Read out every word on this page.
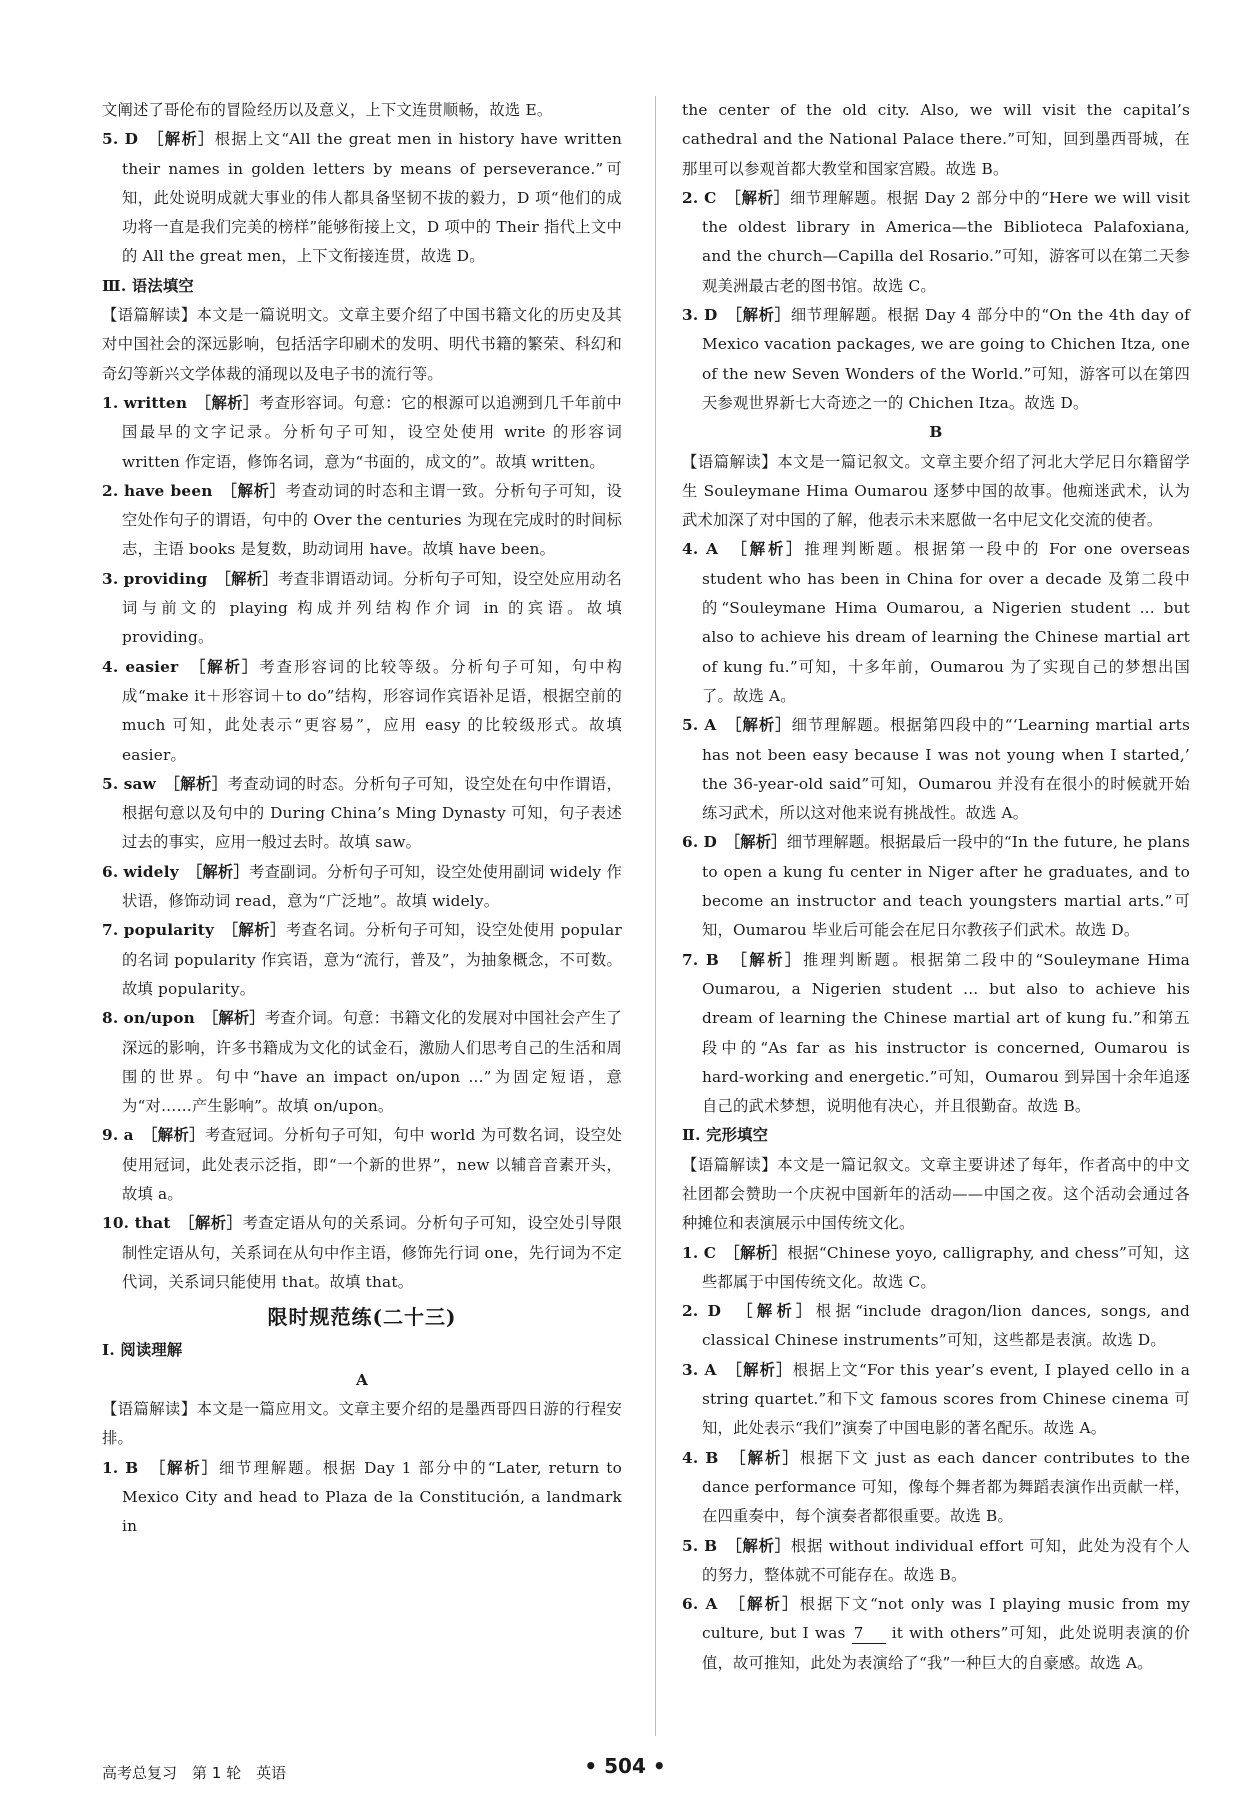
文阐述了哥伦布的冒险经历以及意义，上下文连贯顺畅，故选 E。

5. D　 ［解析］根据上文“All the great men in history have written their names in golden letters by means of perseverance.”可知，此处说明成就大事业的伟人都具备坚韧不拔的毅力，D 项“他们的成功将一直是我们完美的榜样”能够衔接上文，D 项中的 Their 指代上文中的 All the great men，上下文衔接连贯，故选 D。

Ⅲ. 语法填空

【语篇解读】本文是一篇说明文。文章主要介绍了中国书籍文化的历史及其对中国社会的深远影响，包括活字印刷术的发明、明代书籍的繁荣、科幻和奇幻等新兴文学体裁的涌现以及电子书的流行等。

1. written　 ［解析］考查形容词。句意：它的根源可以追溯到几千年前中国最早的文字记录。分析句子可知，设空处使用 write 的形容词 written 作定语，修饰名词，意为“书面的，成文的”。故填 written。

2. have been　 ［解析］考查动词的时态和主谓一致。分析句子可知，设空处作句子的谓语，句中的 Over the centuries 为现在完成时的时间标志，主语 books 是复数，助动词用 have。故填 have been。

3. providing　 ［解析］考查非谓语动词。分析句子可知，设空处应用动名词与前文的 playing 构成并列结构作介词 in 的宾语。故填 providing。

4. easier　 ［解析］考查形容词的比较等级。分析句子可知，句中构成“make it＋形容词＋to do”结构，形容词作宾语补足语，根据空前的 much 可知，此处表示“更容易”，应用 easy 的比较级形式。故填 easier。

5. saw　 ［解析］考查动词的时态。分析句子可知，设空处在句中作谓语，根据句意以及句中的 During China’s Ming Dynasty 可知，句子表述过去的事实，应用一般过去时。故填 saw。

6. widely　 ［解析］考查副词。分析句子可知，设空处使用副词 widely 作状语，修饰动词 read，意为“广泛地”。故填 widely。

7. popularity　 ［解析］考查名词。分析句子可知，设空处使用 popular 的名词 popularity 作宾语，意为“流行，普及”，为抽象概念，不可数。故填 popularity。

8. on/upon　 ［解析］考查介词。句意：书籍文化的发展对中国社会产生了深远的影响，许多书籍成为文化的试金石，激励人们思考自己的生活和周围的世界。句中“have an impact on/upon ...”为固定短语，意为“对……产生影响”。故填 on/upon。

9. a　 ［解析］考查冠词。分析句子可知，句中 world 为可数名词，设空处使用冠词，此处表示泛指，即“一个新的世界”，new 以辅音音素开头，故填 a。

10. that　 ［解析］考查定语从句的关系词。分析句子可知，设空处引导限制性定语从句，关系词在从句中作主语，修饰先行词 one，先行词为不定代词，关系词只能使用 that。故填 that。

限时规范练(二十三)

Ⅰ. 阅读理解

A

【语篇解读】本文是一篇应用文。文章主要介绍的是墨西哥四日游的行程安排。

1. B　 ［解析］细节理解题。根据 Day 1 部分中的“Later, return to Mexico City and head to Plaza de la Constitución, a landmark in

the center of the old city. Also, we will visit the capital’s cathedral and the National Palace there.”可知，回到墨西哥城，在那里可以参观首都大教堂和国家宫殿。故选 B。

2. C　 ［解析］细节理解题。根据 Day 2 部分中的“Here we will visit the oldest library in America—the Biblioteca Palafoxiana, and the church—Capilla del Rosario.”可知，游客可以在第二天参观美洲最古老的图书馆。故选 C。

3. D　 ［解析］细节理解题。根据 Day 4 部分中的“On the 4th day of Mexico vacation packages, we are going to Chichen Itza, one of the new Seven Wonders of the World.”可知，游客可以在第四天参观世界新七大奇迹之一的 Chichen Itza。故选 D。

B

【语篇解读】本文是一篇记叙文。文章主要介绍了河北大学尼日尔籍留学生 Souleymane Hima Oumarou 逐梦中国的故事。他痴迷武术，认为武术加深了对中国的了解，他表示未来愿做一名中尼文化交流的使者。

4. A　 ［解析］推理判断题。根据第一段中的 For one overseas student who has been in China for over a decade 及第二段中的“Souleymane Hima Oumarou, a Nigerien student ... but also to achieve his dream of learning the Chinese martial art of kung fu.”可知，十多年前，Oumarou 为了实现自己的梦想出国了。故选 A。

5. A　 ［解析］细节理解题。根据第四段中的“‘Learning martial arts has not been easy because I was not young when I started,’ the 36-year-old said”可知，Oumarou 并没有在很小的时候就开始练习武术，所以这对他来说有挑战性。故选 A。

6. D　 ［解析］细节理解题。根据最后一段中的“In the future, he plans to open a kung fu center in Niger after he graduates, and to become an instructor and teach youngsters martial arts.”可知，Oumarou 毕业后可能会在尼日尔教孩子们武术。故选 D。

7. B　 ［解析］推理判断题。根据第二段中的“Souleymane Hima Oumarou, a Nigerien student ... but also to achieve his dream of learning the Chinese martial art of kung fu.”和第五段中的“As far as his instructor is concerned, Oumarou is hard-working and energetic.”可知，Oumarou 到异国十余年追逐自己的武术梦想，说明他有决心，并且很勤奋。故选 B。

Ⅱ. 完形填空

【语篇解读】本文是一篇记叙文。文章主要讲述了每年，作者高中的中文社团都会赞助一个庆祝中国新年的活动——中国之夜。这个活动会通过各种摊位和表演展示中国传统文化。

1. C　 ［解析］根据“Chinese yoyo, calligraphy, and chess”可知，这些都属于中国传统文化。故选 C。

2. D　 ［解析］根据“include dragon/lion dances, songs, and classical Chinese instruments”可知，这些都是表演。故选 D。

3. A　 ［解析］根据上文“For this year’s event, I played cello in a string quartet.”和下文 famous scores from Chinese cinema 可知，此处表示“我们”演奏了中国电影的著名配乐。故选 A。

4. B　 ［解析］根据下文 just as each dancer contributes to the dance performance 可知，像每个舞者都为舞蹈表演作出贡献一样，在四重奏中，每个演奏者都很重要。故选 B。

5. B　 ［解析］根据 without individual effort 可知，此处为没有个人的努力，整体就不可能存在。故选 B。

6. A　 ［解析］根据下文“not only was I playing music from my culture, but I was 7 it with others”可知，此处说明表演的价值，故可推知，此处为表演给了“我”一种巨大的自豪感。故选 A。

高考总复习　第 1 轮　英语	• 504 •
